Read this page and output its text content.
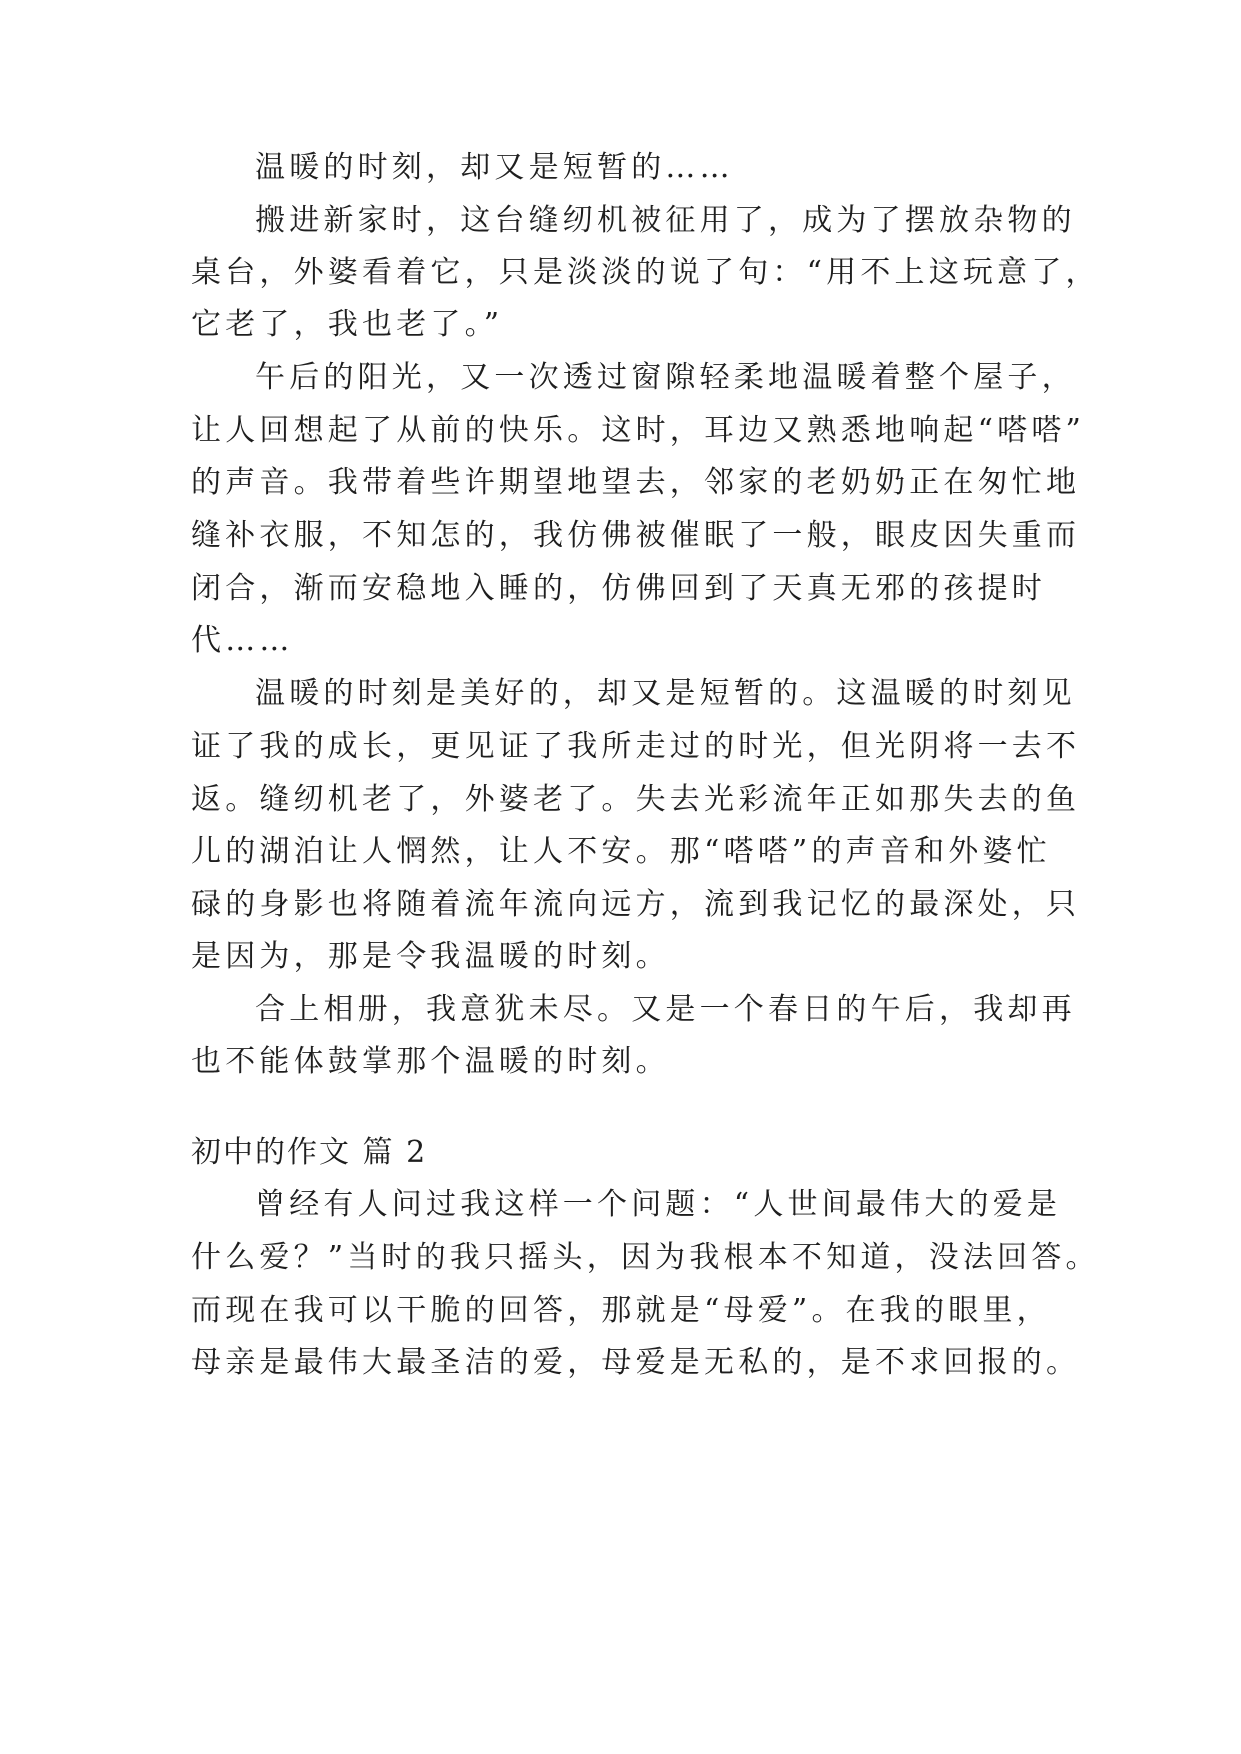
温暖的时刻，却又是短暂的……
搬进新家时，这台缝纫机被征用了，成为了摆放杂物的
桌台，外婆看着它，只是淡淡的说了句：“用不上这玩意了，
它老了，我也老了。”
午后的阳光，又一次透过窗隙轻柔地温暖着整个屋子，
让人回想起了从前的快乐。这时，耳边又熟悉地响起“嗒嗒”
的声音。我带着些许期望地望去，邻家的老奶奶正在匆忙地
缝补衣服，不知怎的，我仿佛被催眠了一般，眼皮因失重而
闭合，渐而安稳地入睡的，仿佛回到了天真无邪的孩提时
代……
温暖的时刻是美好的，却又是短暂的。这温暖的时刻见
证了我的成长，更见证了我所走过的时光，但光阴将一去不
返。缝纫机老了，外婆老了。失去光彩流年正如那失去的鱼
儿的湖泊让人惘然，让人不安。那“嗒嗒”的声音和外婆忙
碌的身影也将随着流年流向远方，流到我记忆的最深处，只
是因为，那是令我温暖的时刻。
合上相册，我意犹未尽。又是一个春日的午后，我却再
也不能体鼓掌那个温暖的时刻。
初中的作文 篇 2
曾经有人问过我这样一个问题：“人世间最伟大的爱是
什么爱？”当时的我只摇头，因为我根本不知道，没法回答。
而现在我可以干脆的回答，那就是“母爱”。在我的眼里，
母亲是最伟大最圣洁的爱，母爱是无私的，是不求回报的。
